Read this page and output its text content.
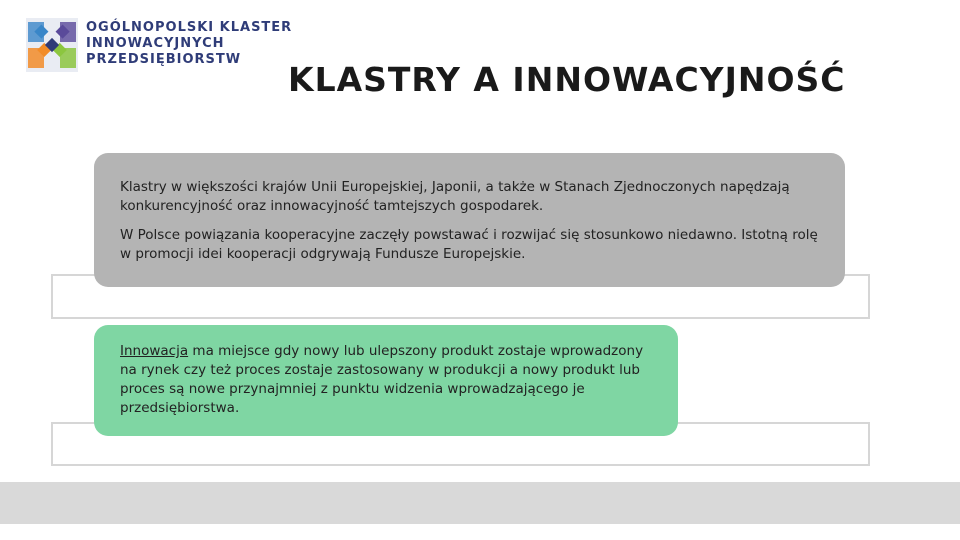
OGÓLNOPOLSKI KLASTER
INNOWACYJNYCH
PRZEDSIĘBIORSTW
KLASTRY A INNOWACYJNOŚĆ

Klastry w większości krajów Unii Europejskiej, Japonii, a także w Stanach Zjednoczonych napędzają konkurencyjność oraz innowacyjność tamtejszych gospodarek.

W Polsce powiązania kooperacyjne zaczęły powstawać i rozwijać się stosunkowo niedawno. Istotną rolę w promocji idei kooperacji odgrywają Fundusze Europejskie.

Innowacja ma miejsce gdy nowy lub ulepszony produkt zostaje wprowadzony na rynek czy też proces zostaje zastosowany w produkcji a nowy produkt lub proces są nowe przynajmniej z punktu widzenia wprowadzającego je przedsiębiorstwa.
